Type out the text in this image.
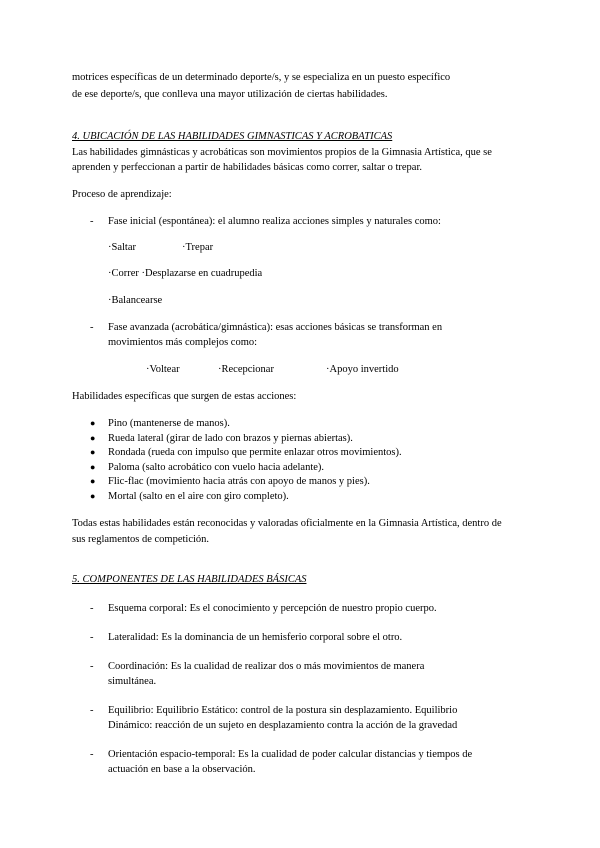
motrices específicas de un determinado deporte/s, y se especializa en un puesto específico
de ese deporte/s, que conlleva una mayor utilización de ciertas habilidades.
4. UBICACIÓN DE LAS HABILIDADES GIMNASTICAS Y ACROBATICAS
Las habilidades gimnásticas y acrobáticas son movimientos propios de la Gimnasia Artística, que se
aprenden y perfeccionan a partir de habilidades básicas como correr, saltar o trepar.
Proceso de aprendizaje:
- Fase inicial (espontánea): el alumno realiza acciones simples y naturales como:
·Saltar	·Trepar
·Correr ·Desplazarse en cuadrupedia
·Balancearse
- Fase avanzada (acrobática/gimnástica): esas acciones básicas se transforman en
movimientos más complejos como:
·Voltear	·Recepcionar	·Apoyo invertido
Habilidades específicas que surgen de estas acciones:
● Pino (mantenerse de manos).
● Rueda lateral (girar de lado con brazos y piernas abiertas).
● Rondada (rueda con impulso que permite enlazar otros movimientos).
● Paloma (salto acrobático con vuelo hacia adelante).
● Flic-flac (movimiento hacia atrás con apoyo de manos y pies).
● Mortal (salto en el aire con giro completo).
Todas estas habilidades están reconocidas y valoradas oficialmente en la Gimnasia Artística, dentro de
sus reglamentos de competición.
5. COMPONENTES DE LAS HABILIDADES BÁSICAS
- Esquema corporal: Es el conocimiento y percepción de nuestro propio cuerpo.
- Lateralidad: Es la dominancia de un hemisferio corporal sobre el otro.
- Coordinación: Es la cualidad de realizar dos o más movimientos de manera
simultánea.
- Equilibrio: Equilibrio Estático: control de la postura sin desplazamiento. Equilibrio
Dinámico: reacción de un sujeto en desplazamiento contra la acción de la gravedad
- Orientación espacio-temporal: Es la cualidad de poder calcular distancias y tiempos de
actuación en base a la observación.
